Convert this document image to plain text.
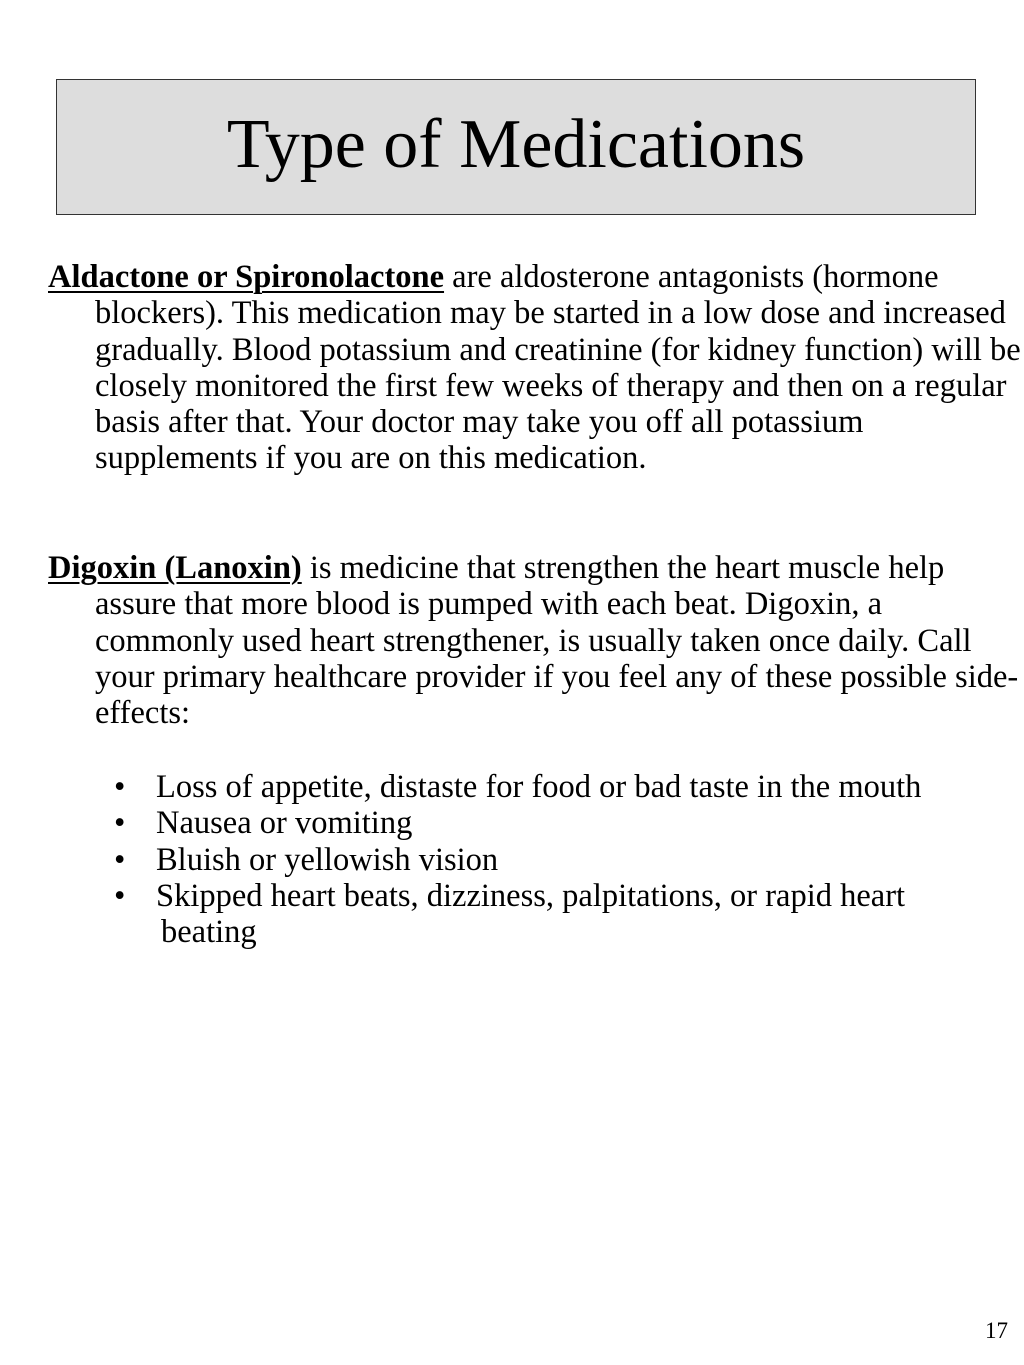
Type of Medications

Aldactone or Spironolactone are aldosterone antagonists (hormone blockers). This medication may be started in a low dose and increased gradually. Blood potassium and creatinine (for kidney function) will be closely monitored the first few weeks of therapy and then on a regular basis after that. Your doctor may take you off all potassium supplements if you are on this medication.

Digoxin (Lanoxin) is medicine that strengthen the heart muscle help assure that more blood is pumped with each beat. Digoxin, a commonly used heart strengthener, is usually taken once daily. Call your primary healthcare provider if you feel any of these possible side-effects:

• Loss of appetite, distaste for food or bad taste in the mouth
• Nausea or vomiting
• Bluish or yellowish vision
• Skipped heart beats, dizziness, palpitations, or rapid heart beating
17
